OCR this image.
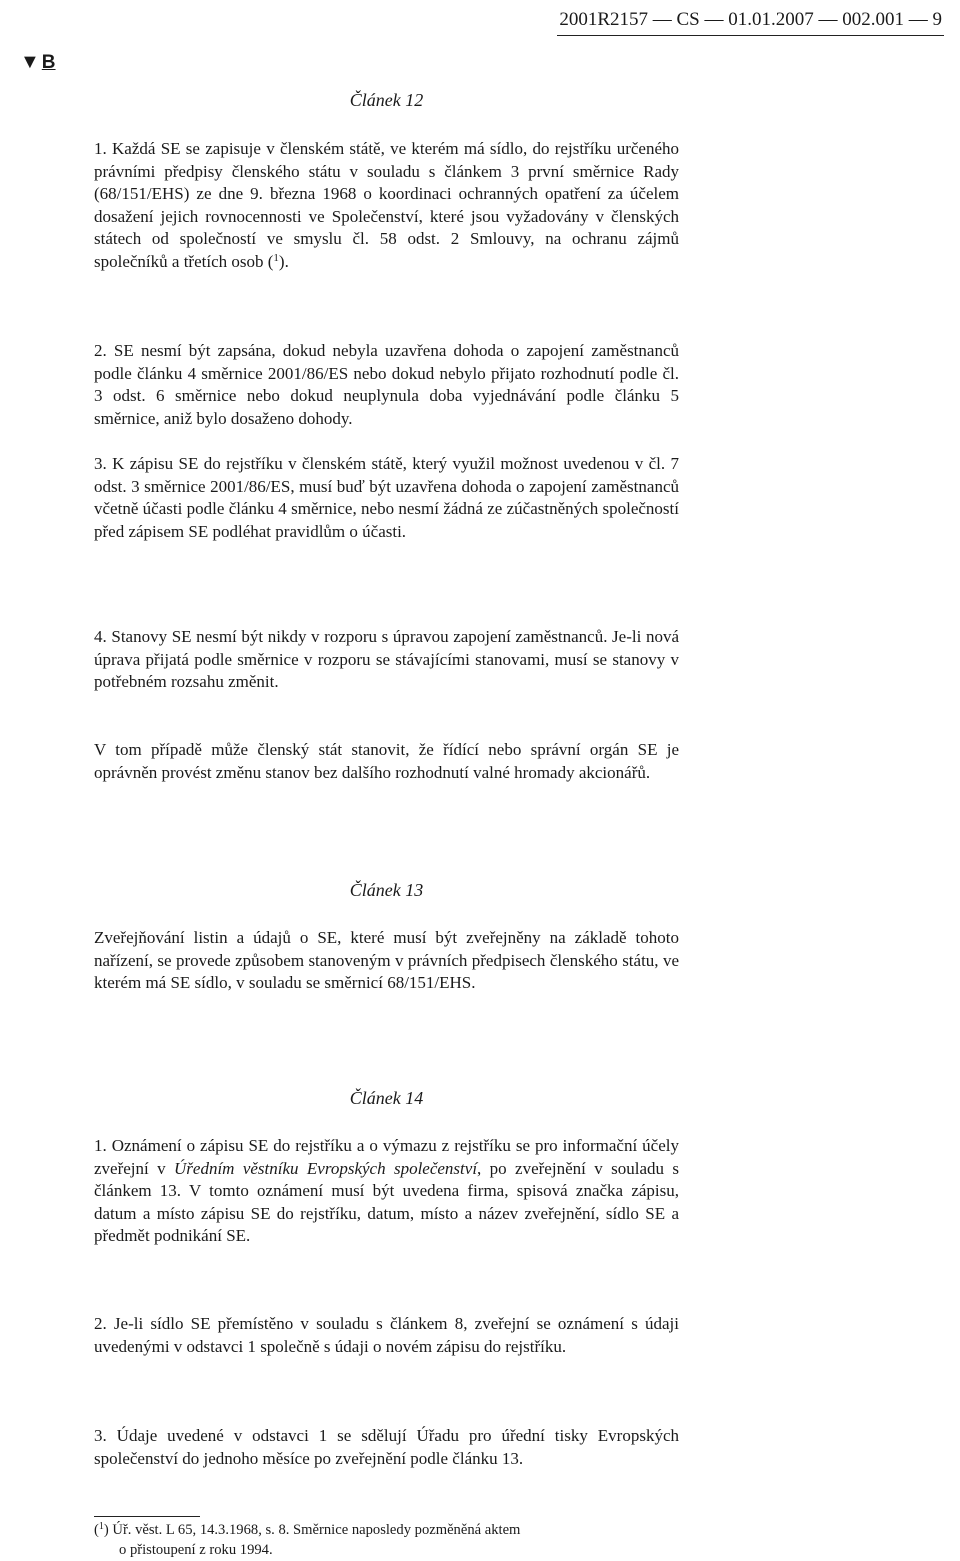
2001R2157 — CS — 01.01.2007 — 002.001 — 9
▼ B
Článek 12

1. Každá SE se zapisuje v členském státě, ve kterém má sídlo, do rejstříku určeného právními předpisy členského státu v souladu s článkem 3 první směrnice Rady (68/151/EHS) ze dne 9. března 1968 o koordinaci ochranných opatření za účelem dosažení jejich rovnocennosti ve Společenství, které jsou vyžadovány v členských státech od společností ve smyslu čl. 58 odst. 2 Smlouvy, na ochranu zájmů společníků a třetích osob ($^1$).

2. SE nesmí být zapsána, dokud nebyla uzavřena dohoda o zapojení zaměstnanců podle článku 4 směrnice 2001/86/ES nebo dokud nebylo přijato rozhodnutí podle čl. 3 odst. 6 směrnice nebo dokud neuplynula doba vyjednávání podle článku 5 směrnice, aniž bylo dosaženo dohody.

3. K zápisu SE do rejstříku v členském státě, který využil možnost uvedenou v čl. 7 odst. 3 směrnice 2001/86/ES, musí buď být uzavřena dohoda o zapojení zaměstnanců včetně účasti podle článku 4 směrnice, nebo nesmí žádná ze zúčastněných společností před zápisem SE podléhat pravidlům o účasti.

4. Stanovy SE nesmí být nikdy v rozporu s úpravou zapojení zaměstnanců. Je-li nová úprava přijatá podle směrnice v rozporu se stávajícími stanovami, musí se stanovy v potřebném rozsahu změnit.

V tom případě může členský stát stanovit, že řídící nebo správní orgán SE je oprávněn provést změnu stanov bez dalšího rozhodnutí valné hromady akcionářů.

Článek 13

Zveřejňování listin a údajů o SE, které musí být zveřejněny na základě tohoto nařízení, se provede způsobem stanoveným v právních předpisech členského státu, ve kterém má SE sídlo, v souladu se směrnicí 68/151/EHS.

Článek 14

1. Oznámení o zápisu SE do rejstříku a o výmazu z rejstříku se pro informační účely zveřejní v Úředním věstníku Evropských společenství, po zveřejnění v souladu s článkem 13. V tomto oznámení musí být uvedena firma, spisová značka zápisu, datum a místo zápisu SE do rejstříku, datum, místo a název zveřejnění, sídlo SE a předmět podnikání SE.

2. Je-li sídlo SE přemístěno v souladu s článkem 8, zveřejní se oznámení s údaji uvedenými v odstavci 1 společně s údaji o novém zápisu do rejstříku.

3. Údaje uvedené v odstavci 1 se sdělují Úřadu pro úřední tisky Evropských společenství do jednoho měsíce po zveřejnění podle článku 13.

($^1$) Úř. věst. L 65, 14.3.1968, s. 8. Směrnice naposledy pozměněná aktem
o přistoupení z roku 1994.
